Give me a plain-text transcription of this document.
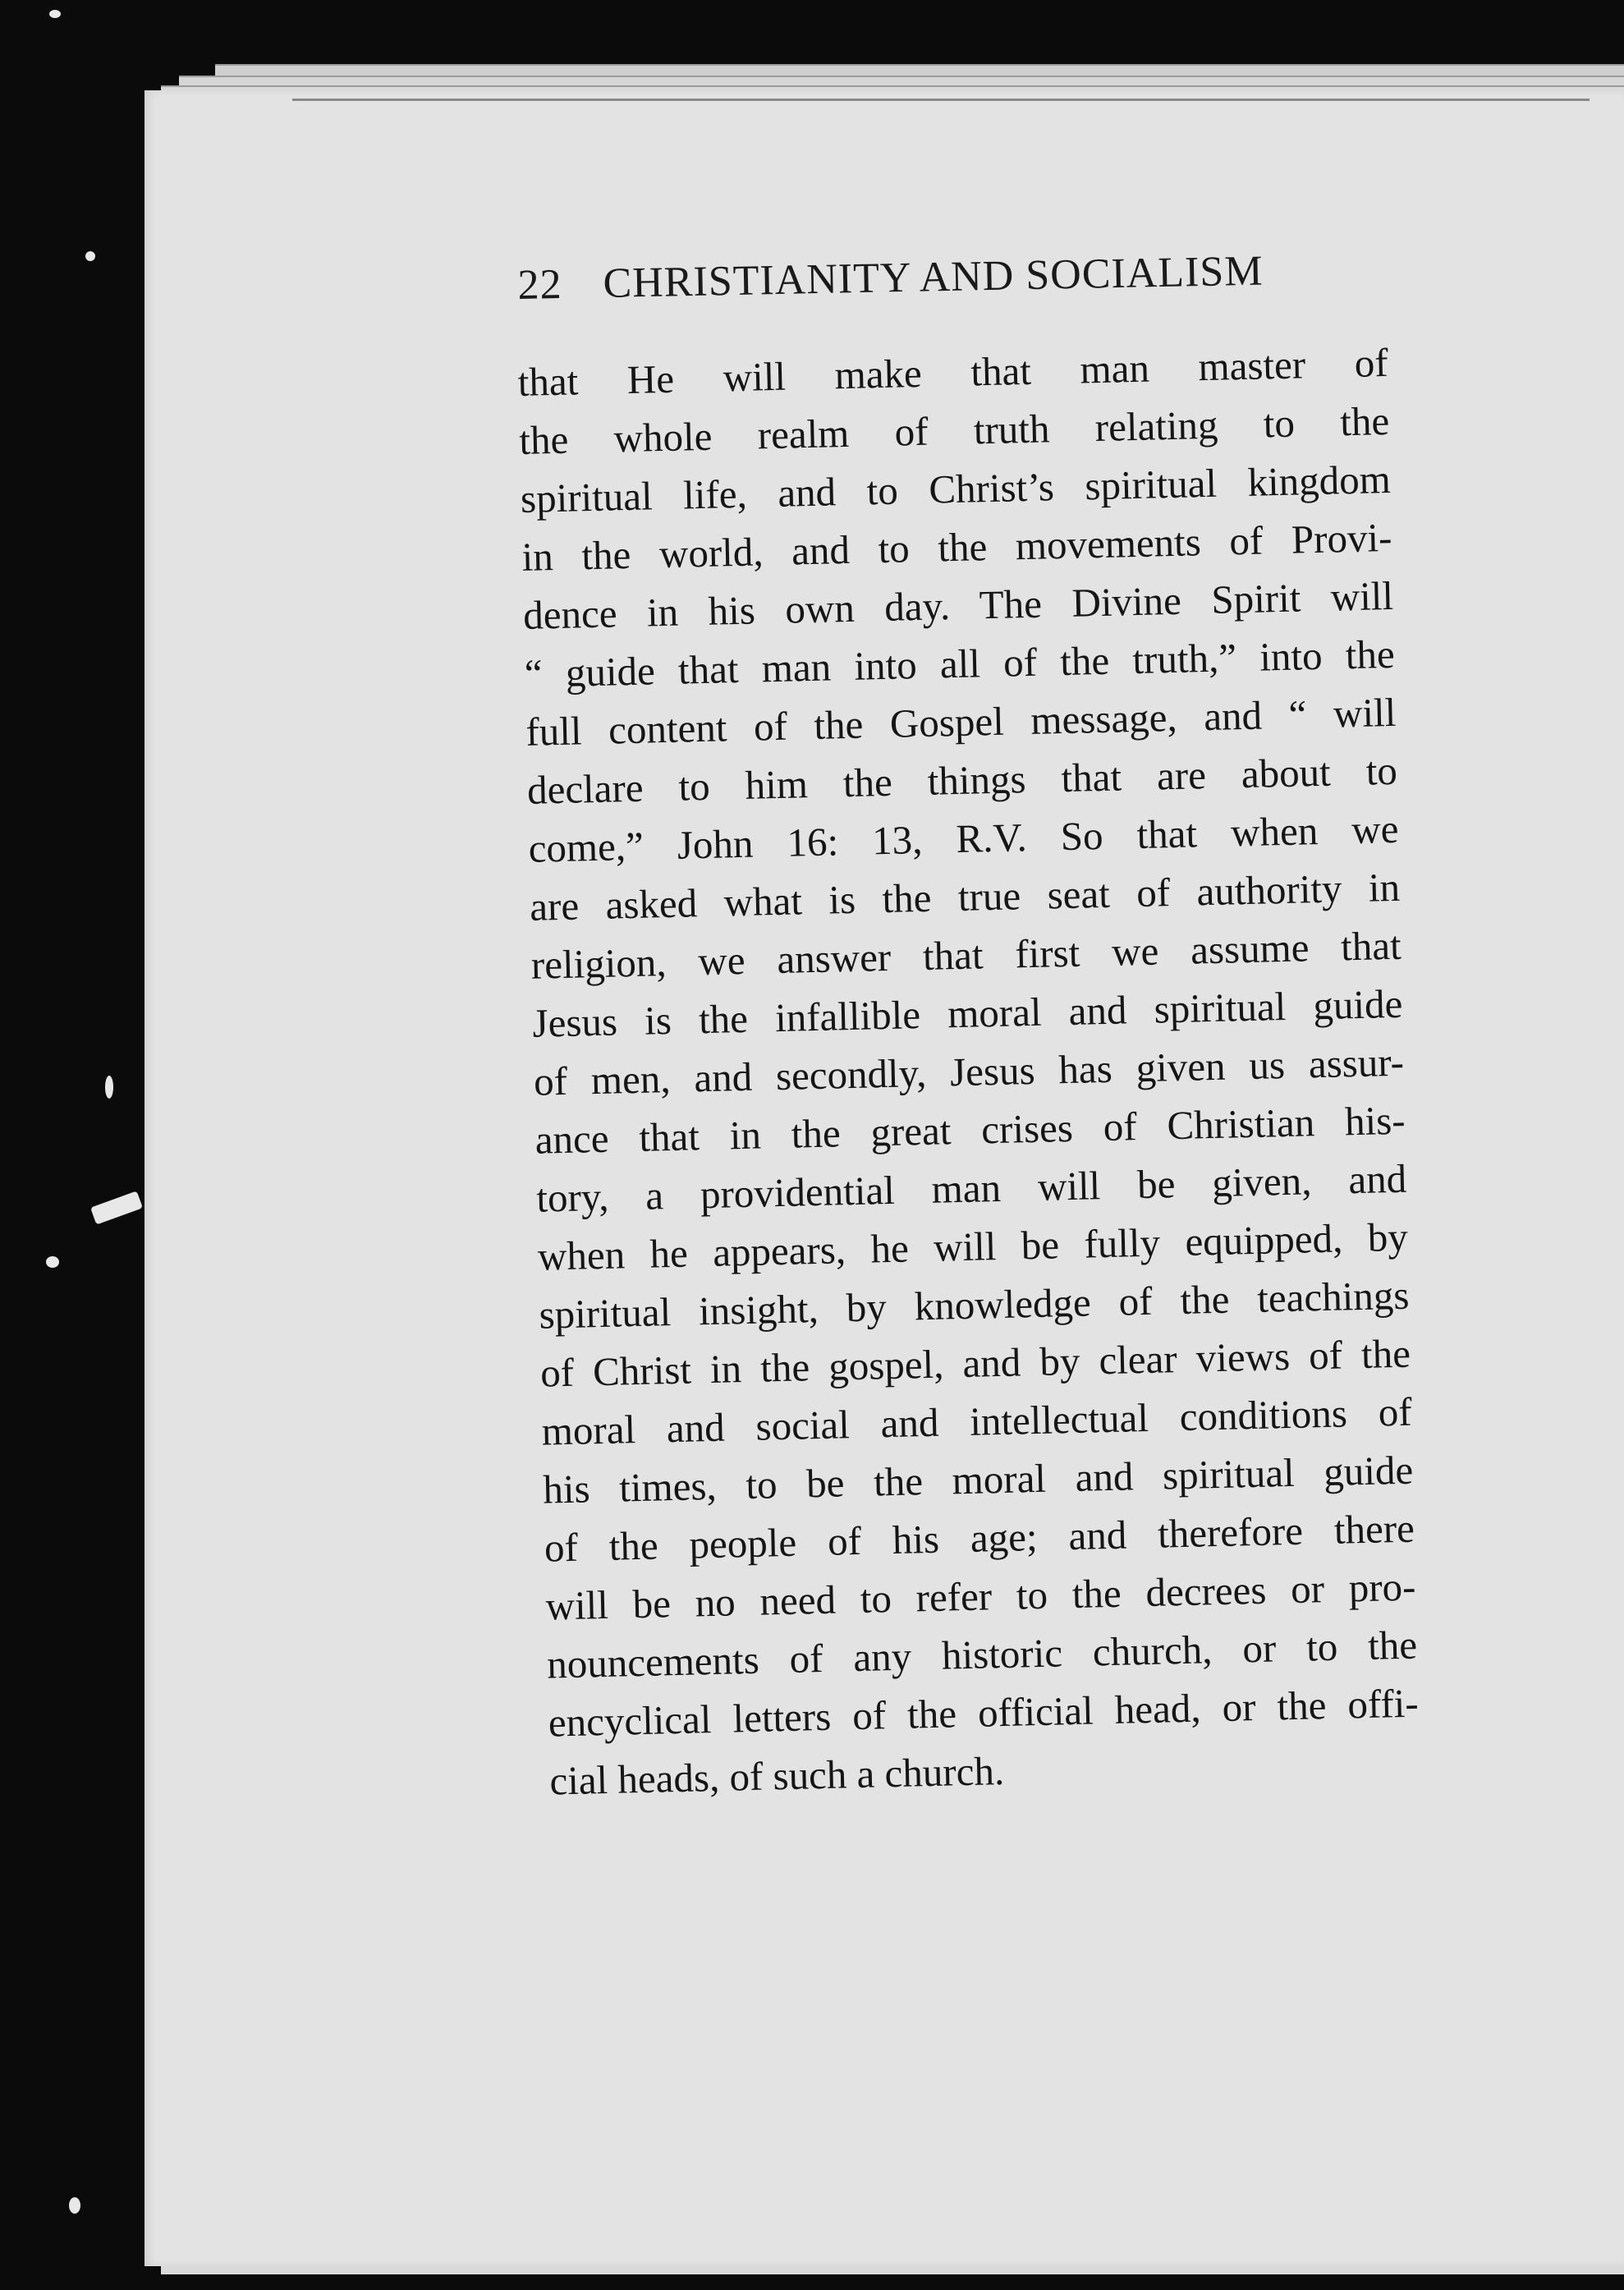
22 CHRISTIANITY AND SOCIALISM
that He will make that man master of
the whole realm of truth relating to the
spiritual life, and to Christ’s spiritual kingdom
in the world, and to the movements of Provi-
dence in his own day. The Divine Spirit will
“ guide that man into all of the truth,” into the
full content of the Gospel message, and “ will
declare to him the things that are about to
come,” John 16: 13, R.V. So that when we
are asked what is the true seat of authority in
religion, we answer that first we assume that
Jesus is the infallible moral and spiritual guide
of men, and secondly, Jesus has given us assur-
ance that in the great crises of Christian his-
tory, a providential man will be given, and
when he appears, he will be fully equipped, by
spiritual insight, by knowledge of the teachings
of Christ in the gospel, and by clear views of the
moral and social and intellectual conditions of
his times, to be the moral and spiritual guide
of the people of his age; and therefore there
will be no need to refer to the decrees or pro-
nouncements of any historic church, or to the
encyclical letters of the official head, or the offi-
cial heads, of such a church.
